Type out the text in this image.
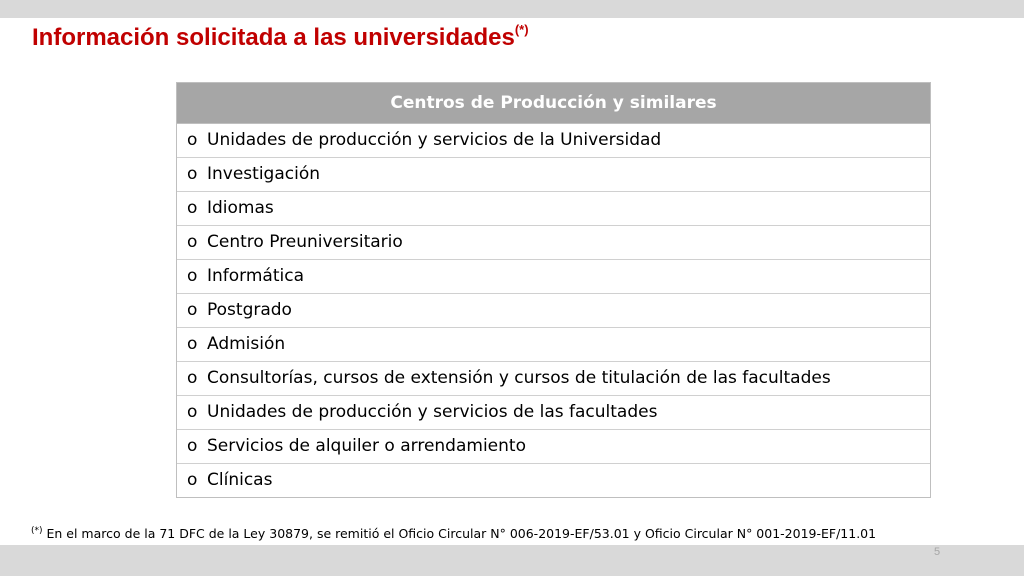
Información solicitada a las universidades(*)
Centros de Producción y similares
o Unidades de producción y servicios de la Universidad
o Investigación
o Idiomas
o Centro Preuniversitario
o Informática
o Postgrado
o Admisión
o Consultorías, cursos de extensión y cursos de titulación de las facultades
o Unidades de producción y servicios de las facultades
o Servicios de alquiler o arrendamiento
o Clínicas
(*) En el marco de la 71 DFC de la Ley 30879, se remitió el Oficio Circular N° 006-2019-EF/53.01 y Oficio Circular N° 001-2019-EF/11.01
5
